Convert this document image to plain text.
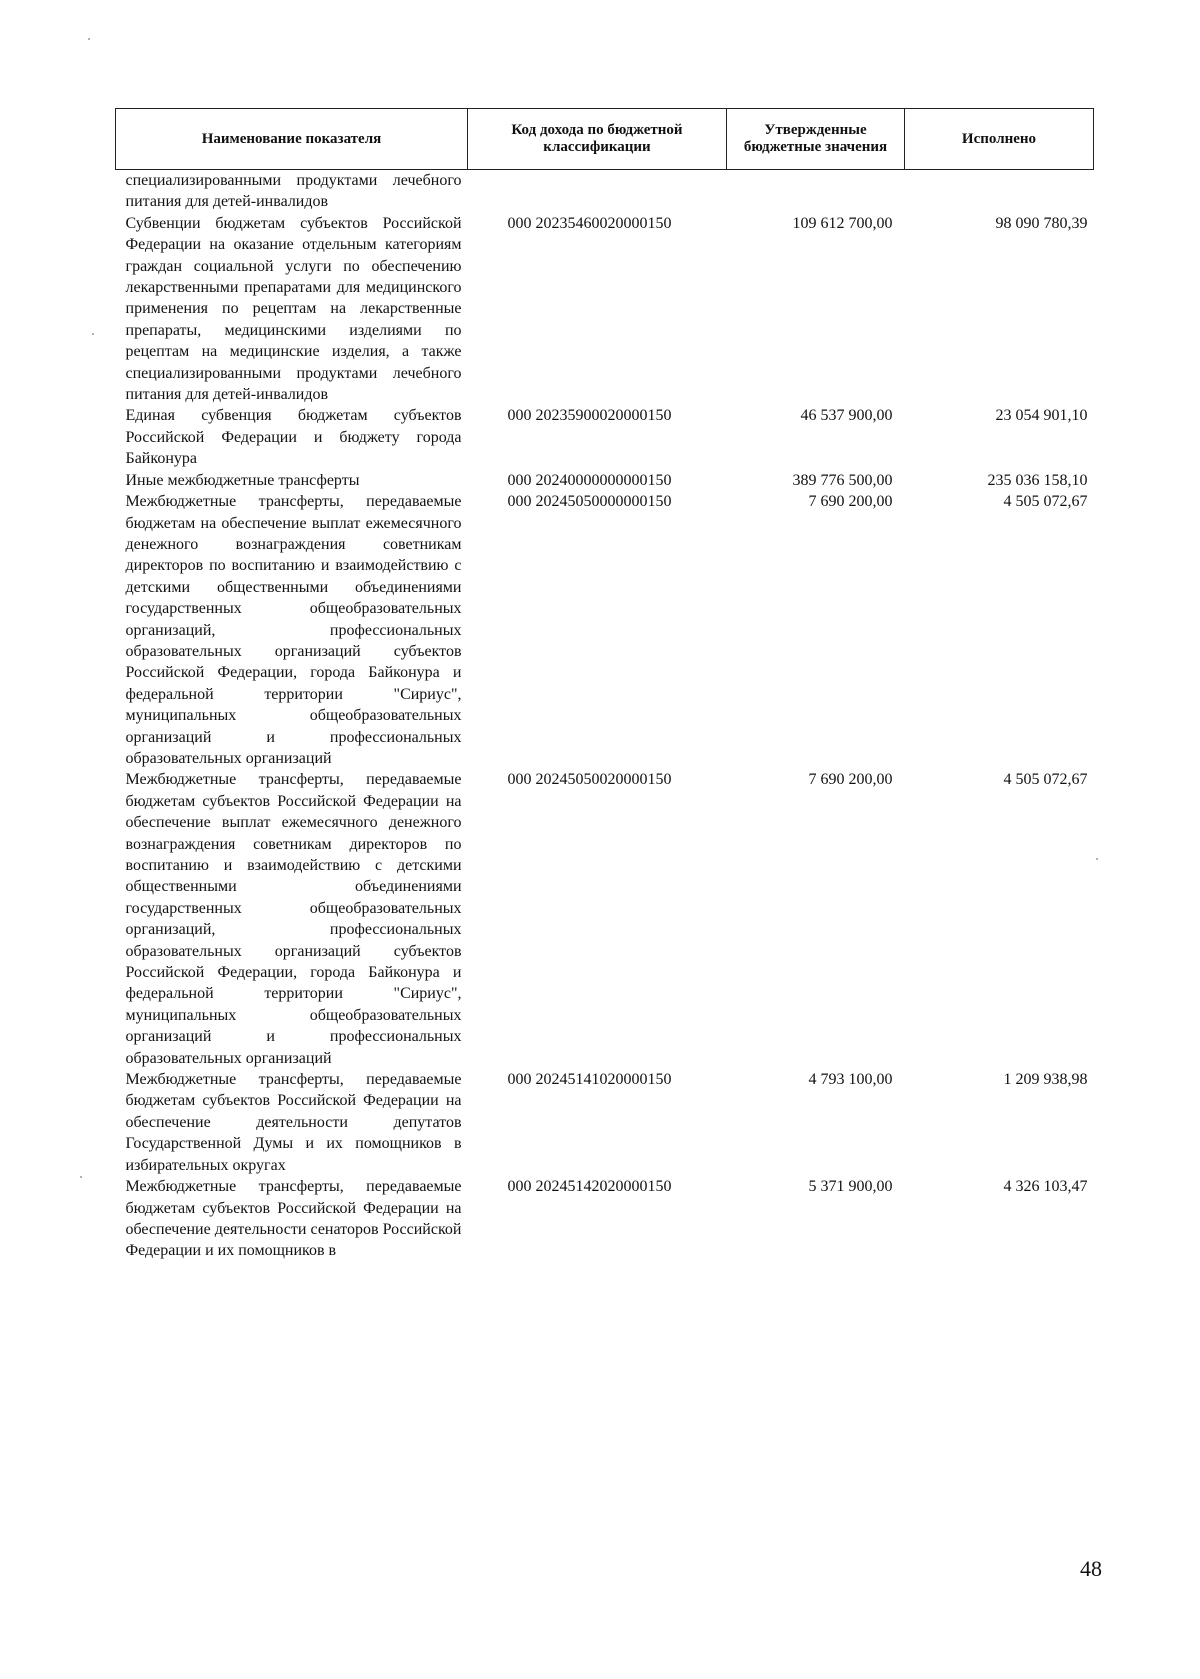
Наименование показателя	Код дохода по бюджетной классификации	Утвержденные бюджетные значения	Исполнено
специализированными продуктами лечебного питания для детей-инвалидов			
Субвенции бюджетам субъектов Российской Федерации на оказание отдельным категориям граждан социальной услуги по обеспечению лекарственными препаратами для медицинского применения по рецептам на лекарственные препараты, медицинскими изделиями по рецептам на медицинские изделия, а также специализированными продуктами лечебного питания для детей-инвалидов	000 20235460020000150	109 612 700,00	98 090 780,39
Единая субвенция бюджетам субъектов Российской Федерации и бюджету города Байконура	000 20235900020000150	46 537 900,00	23 054 901,10
Иные межбюджетные трансферты	000 20240000000000150	389 776 500,00	235 036 158,10
Межбюджетные трансферты, передаваемые бюджетам на обеспечение выплат ежемесячного денежного вознаграждения советникам директоров по воспитанию и взаимодействию с детскими общественными объединениями государственных общеобразовательных организаций, профессиональных образовательных организаций субъектов Российской Федерации, города Байконура и федеральной территории "Сириус", муниципальных общеобразовательных организаций и профессиональных образовательных организаций	000 20245050000000150	7 690 200,00	4 505 072,67
Межбюджетные трансферты, передаваемые бюджетам субъектов Российской Федерации на обеспечение выплат ежемесячного денежного вознаграждения советникам директоров по воспитанию и взаимодействию с детскими общественными объединениями государственных общеобразовательных организаций, профессиональных образовательных организаций субъектов Российской Федерации, города Байконура и федеральной территории "Сириус", муниципальных общеобразовательных организаций и профессиональных образовательных организаций	000 20245050020000150	7 690 200,00	4 505 072,67
Межбюджетные трансферты, передаваемые бюджетам субъектов Российской Федерации на обеспечение деятельности депутатов Государственной Думы и их помощников в избирательных округах	000 20245141020000150	4 793 100,00	1 209 938,98
Межбюджетные трансферты, передаваемые бюджетам субъектов Российской Федерации на обеспечение деятельности сенаторов Российской Федерации и их помощников в	000 20245142020000150	5 371 900,00	4 326 103,47
48
